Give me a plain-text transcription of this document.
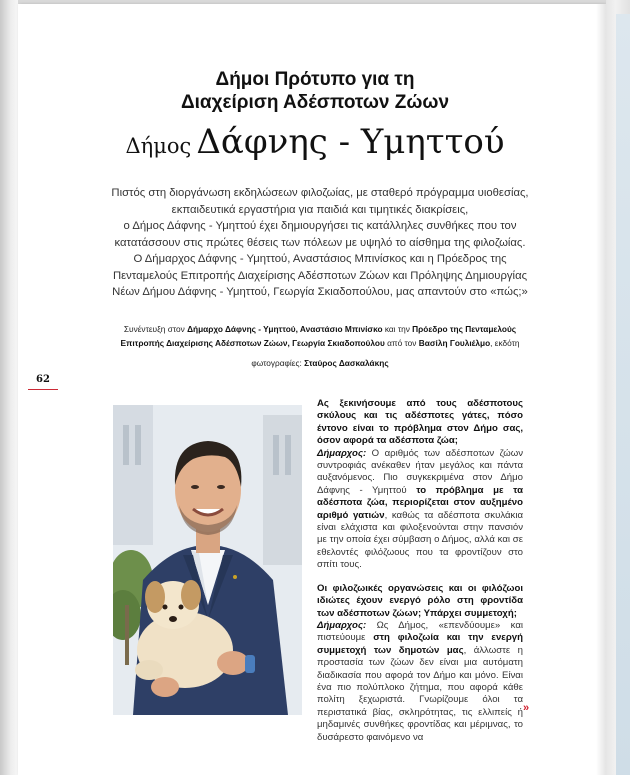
Δήμοι Πρότυπο για τη
Διαχείριση Αδέσποτων Ζώων
Δήμος Δάφνης - Υμηττού
Πιστός στη διοργάνωση εκδηλώσεων φιλοζωίας, με σταθερό πρόγραμμα υιοθεσίας,
εκπαιδευτικά εργαστήρια για παιδιά και τιμητικές διακρίσεις,
ο Δήμος Δάφνης - Υμηττού έχει δημιουργήσει τις κατάλληλες συνθήκες που τον
κατατάσσουν στις πρώτες θέσεις των πόλεων με υψηλό το αίσθημα της φιλοζωίας.
Ο Δήμαρχος Δάφνης - Υμηττού, Αναστάσιος Μπινίσκος και η Πρόεδρος της
Πενταμελούς Επιτροπής Διαχείρισης Αδέσποτων Ζώων και Πρόληψης Δημιουργίας
Νέων Δήμου Δάφνης - Υμηττού, Γεωργία Σκιαδοπούλου, μας απαντούν στο «πώς;»
Συνέντευξη στον Δήμαρχο Δάφνης - Υμηττού, Αναστάσιο Μπινίσκο και την Πρόεδρο της Πενταμελούς
Επιτροπής Διαχείρισης Αδέσποτων Ζώων, Γεωργία Σκιαδοπούλου από τον Βασίλη Γουλιέλμο, εκδότη
φωτογραφίες: Σταύρος Δασκαλάκης
62

Ας ξεκινήσουμε από τους αδέσποτους σκύλους και τις αδέσποτες γάτες, πόσο έντονο είναι το πρόβλημα στον Δήμο σας, όσον αφορά τα αδέσποτα ζώα;

Δήμαρχος: Ο αριθμός των αδέσποτων ζώων συντροφιάς ανέκαθεν ήταν μεγάλος και πάντα αυξανόμενος. Πιο συγκεκριμένα στον Δήμο Δάφνης - Υμηττού το πρόβλημα με τα αδέσποτα ζώα, περιορίζεται στον αυξημένο αριθμό γατιών, καθώς τα αδέσποτα σκυλάκια είναι ελάχιστα και φιλοξενούνται στην πανσιόν με την οποία έχει σύμβαση ο Δήμος, αλλά και σε εθελοντές φιλόζωους που τα φροντίζουν στο σπίτι τους.

Οι φιλοζωικές οργανώσεις και οι φιλόζωοι ιδιώτες έχουν ενεργό ρόλο στη φροντίδα των αδέσποτων ζώων; Υπάρχει συμμετοχή;

Δήμαρχος: Ως Δήμος, «επενδύουμε» και πιστεύουμε στη φιλοζωία και την ενεργή συμμετοχή των δημοτών μας, άλλωστε η προστασία των ζώων δεν είναι μια αυτόματη διαδικασία που αφορά τον Δήμο και μόνο. Είναι ένα πιο πολύπλοκο ζήτημα, που αφορά κάθε πολίτη ξεχωριστά. Γνωρίζουμε όλοι τα περιστατικά βίας, σκληρότητας, τις ελλιπείς ή μηδαμινές συνθήκες φροντίδας και μέριμνας, το δυσάρεστο φαινόμενο να

»
